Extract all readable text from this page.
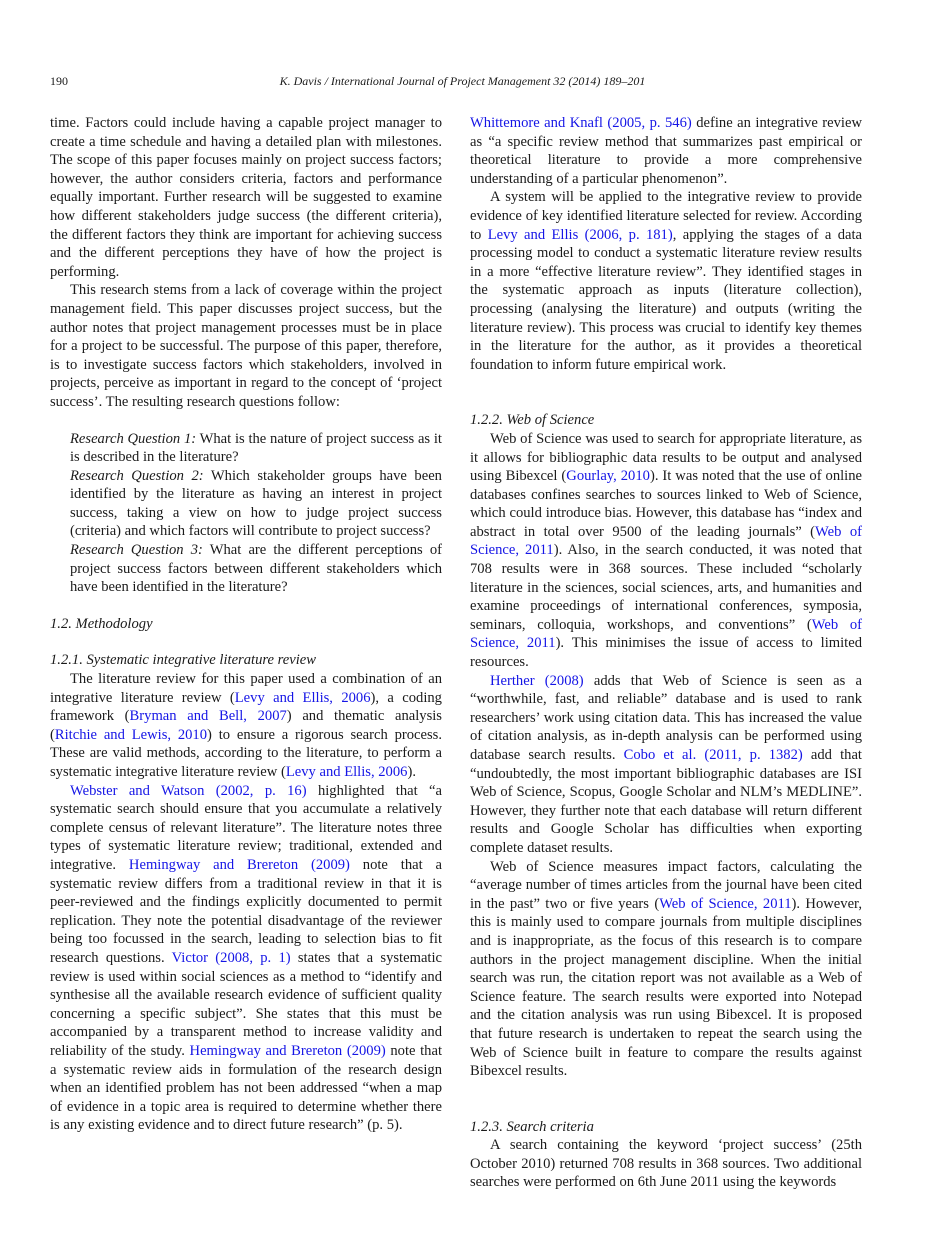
190	K. Davis / International Journal of Project Management 32 (2014) 189–201

time. Factors could include having a capable project manager to create a time schedule and having a detailed plan with milestones. The scope of this paper focuses mainly on project success factors; however, the author considers criteria, factors and performance equally important. Further research will be suggested to examine how different stakeholders judge success (the different criteria), the different factors they think are important for achieving success and the different perceptions they have of how the project is performing.

This research stems from a lack of coverage within the project management field. This paper discusses project success, but the author notes that project management processes must be in place for a project to be successful. The purpose of this paper, therefore, is to investigate success factors which stakeholders, involved in projects, perceive as important in regard to the concept of ‘project success’. The resulting research questions follow:

Research Question 1: What is the nature of project success as it is described in the literature?

Research Question 2: Which stakeholder groups have been identified by the literature as having an interest in project success, taking a view on how to judge project success (criteria) and which factors will contribute to project success?

Research Question 3: What are the different perceptions of project success factors between different stakeholders which have been identified in the literature?

1.2. Methodology

1.2.1. Systematic integrative literature review

The literature review for this paper used a combination of an integrative literature review (Levy and Ellis, 2006), a coding framework (Bryman and Bell, 2007) and thematic analysis (Ritchie and Lewis, 2010) to ensure a rigorous search process. These are valid methods, according to the literature, to perform a systematic integrative literature review (Levy and Ellis, 2006).

Webster and Watson (2002, p. 16) highlighted that “a systematic search should ensure that you accumulate a relatively complete census of relevant literature”. The literature notes three types of systematic literature review; traditional, extended and integrative. Hemingway and Brereton (2009) note that a systematic review differs from a traditional review in that it is peer-reviewed and the findings explicitly documented to permit replication. They note the potential disadvantage of the reviewer being too focussed in the search, leading to selection bias to fit research questions. Victor (2008, p. 1) states that a systematic review is used within social sciences as a method to “identify and synthesise all the available research evidence of sufficient quality concerning a specific subject”. She states that this must be accompanied by a transparent method to increase validity and reliability of the study. Hemingway and Brereton (2009) note that a systematic review aids in formulation of the research design when an identified problem has not been addressed “when a map of evidence in a topic area is required to determine whether there is any existing evidence and to direct future research” (p. 5).

Whittemore and Knafl (2005, p. 546) define an integrative review as “a specific review method that summarizes past empirical or theoretical literature to provide a more comprehensive understanding of a particular phenomenon”.

A system will be applied to the integrative review to provide evidence of key identified literature selected for review. According to Levy and Ellis (2006, p. 181), applying the stages of a data processing model to conduct a systematic literature review results in a more “effective literature review”. They identified stages in the systematic approach as inputs (literature collection), processing (analysing the literature) and outputs (writing the literature review). This process was crucial to identify key themes in the literature for the author, as it provides a theoretical foundation to inform future empirical work.

1.2.2. Web of Science

Web of Science was used to search for appropriate literature, as it allows for bibliographic data results to be output and analysed using Bibexcel (Gourlay, 2010). It was noted that the use of online databases confines searches to sources linked to Web of Science, which could introduce bias. However, this database has “index and abstract in total over 9500 of the leading journals” (Web of Science, 2011). Also, in the search conducted, it was noted that 708 results were in 368 sources. These included “scholarly literature in the sciences, social sciences, arts, and humanities and examine proceedings of international conferences, symposia, seminars, colloquia, workshops, and conventions” (Web of Science, 2011). This minimises the issue of access to limited resources.

Herther (2008) adds that Web of Science is seen as a “worthwhile, fast, and reliable” database and is used to rank researchers’ work using citation data. This has increased the value of citation analysis, as in-depth analysis can be performed using database search results. Cobo et al. (2011, p. 1382) add that “undoubtedly, the most important bibliographic databases are ISI Web of Science, Scopus, Google Scholar and NLM’s MEDLINE”. However, they further note that each database will return different results and Google Scholar has difficulties when exporting complete dataset results.

Web of Science measures impact factors, calculating the “average number of times articles from the journal have been cited in the past” two or five years (Web of Science, 2011). However, this is mainly used to compare journals from multiple disciplines and is inappropriate, as the focus of this research is to compare authors in the project management discipline. When the initial search was run, the citation report was not available as a Web of Science feature. The search results were exported into Notepad and the citation analysis was run using Bibexcel. It is proposed that future research is undertaken to repeat the search using the Web of Science built in feature to compare the results against Bibexcel results.

1.2.3. Search criteria

A search containing the keyword ‘project success’ (25th October 2010) returned 708 results in 368 sources. Two additional searches were performed on 6th June 2011 using the keywords
